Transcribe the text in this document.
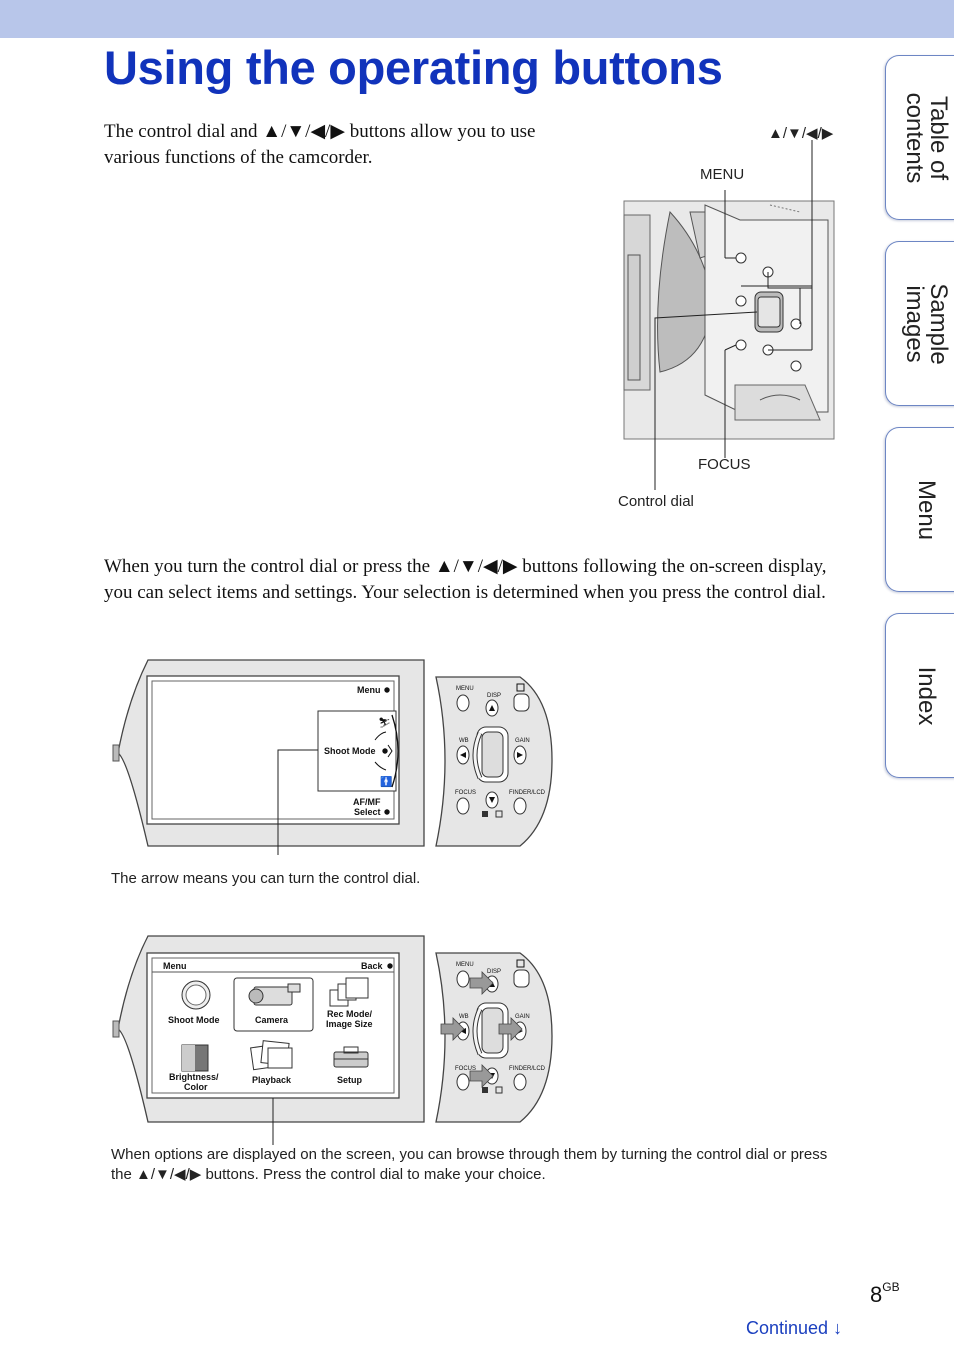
Using the operating buttons
The control dial and ▲/▼/◀/▶ buttons allow you to use various functions of the camcorder.
▲/▼/◀/▶
MENU
FOCUS
Control dial
When you turn the control dial or press the ▲/▼/◀/▶ buttons following the on-screen display, you can select items and settings. Your selection is determined when you press the control dial.
Menu
Shoot Mode
⛷
🚹
AF/MF
Select
MENU
DISP
WB	GAIN
FOCUS	FINDER/LCD
The arrow means you can turn the control dial.
Menu	Back
Shoot Mode	Camera
Rec Mode/
Image Size
Brightness/
Color
Playback	Setup
MENU
DISP
WB	GAIN
FOCUS	FINDER/LCD
When options are displayed on the screen, you can browse through them by turning the control dial or press the ▲/▼/◀/▶ buttons. Press the control dial to make your choice.
Table of contents
Sample images
Menu
Index
$8^{GB}$
Continued ↓
